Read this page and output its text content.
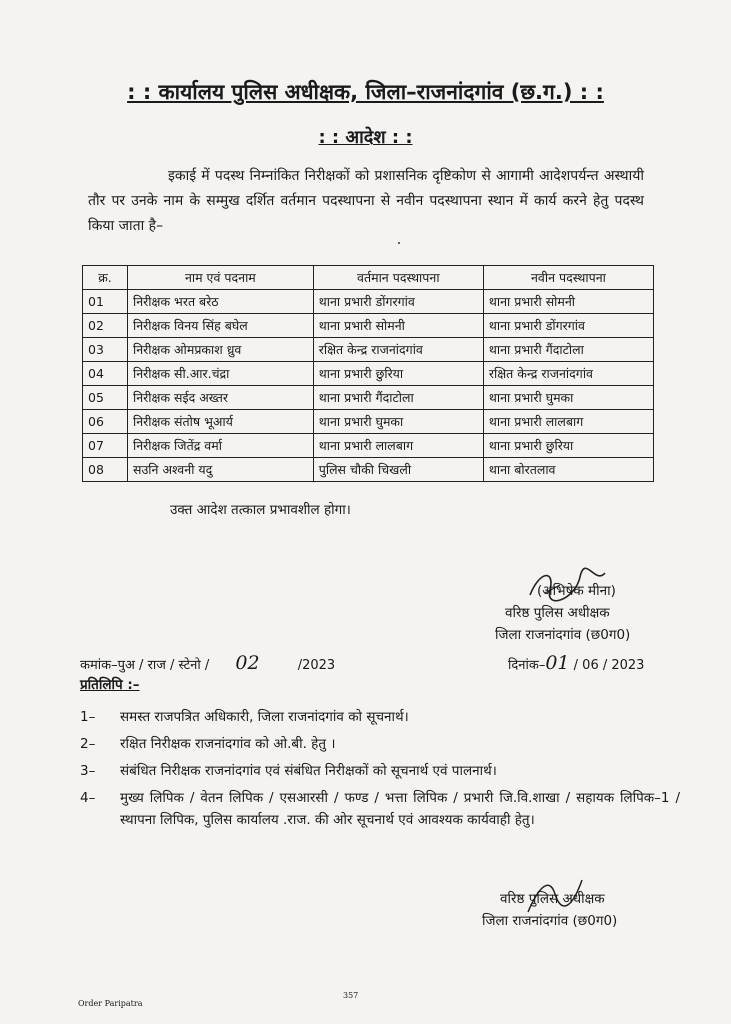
: : कार्यालय पुलिस अधीक्षक, जिला–राजनांदगांव (छ.ग.) : :
: : आदेश : :
इकाई में पदस्थ निम्नांकित निरीक्षकों को प्रशासनिक दृष्टिकोण से आगामी आदेशपर्यन्त अस्थायी तौर पर उनके नाम के सम्मुख दर्शित वर्तमान पदस्थापना से नवीन पदस्थापना स्थान में कार्य करने हेतु पदस्थ किया जाता है–
क्र.	नाम एवं पदनाम	वर्तमान पदस्थापना	नवीन पदस्थापना
01	निरीक्षक भरत बरेठ	थाना प्रभारी डोंगरगांव	थाना प्रभारी सोमनी
02	निरीक्षक विनय सिंह बघेल	थाना प्रभारी सोमनी	थाना प्रभारी डोंगरगांव
03	निरीक्षक ओमप्रकाश ध्रुव	रक्षित केन्द्र राजनांदगांव	थाना प्रभारी गैंदाटोला
04	निरीक्षक सी.आर.चंद्रा	थाना प्रभारी छुरिया	रक्षित केन्द्र राजनांदगांव
05	निरीक्षक सईद अख्तर	थाना प्रभारी गैंदाटोला	थाना प्रभारी घुमका
06	निरीक्षक संतोष भूआर्य	थाना प्रभारी घुमका	थाना प्रभारी लालबाग
07	निरीक्षक जितेंद्र वर्मा	थाना प्रभारी लालबाग	थाना प्रभारी छुरिया
08	सउनि अश्वनी यदु	पुलिस चौकी चिखली	थाना बोरतलाव
उक्त आदेश तत्काल प्रभावशील होगा।
(अभिषेक मीना)
वरिष्ठ पुलिस अधीक्षक
जिला राजनांदगांव (छ0ग0)
कमांक–पुअ / राज / स्टेनो / 02	/2023	दिनांक–01 / 06 / 2023
प्रतिलिपि :–
1–	समस्त राजपत्रित अधिकारी, जिला राजनांदगांव को सूचनार्थ।
2–	रक्षित निरीक्षक राजनांदगांव को ओ.बी. हेतु ।
3–	संबंधित निरीक्षक राजनांदगांव एवं संबंधित निरीक्षकों को सूचनार्थ एवं पालनार्थ।
4–	मुख्य लिपिक / वेतन लिपिक / एसआरसी / फण्ड / भत्ता लिपिक / प्रभारी जि.वि.शाखा / सहायक लिपिक–1 / स्थापना लिपिक, पुलिस कार्यालय .राज. की ओर सूचनार्थ एवं आवश्यक कार्यवाही हेतु।
वरिष्ठ पुलिस अधीक्षक
जिला राजनांदगांव (छ0ग0)
357
Order Paripatra
